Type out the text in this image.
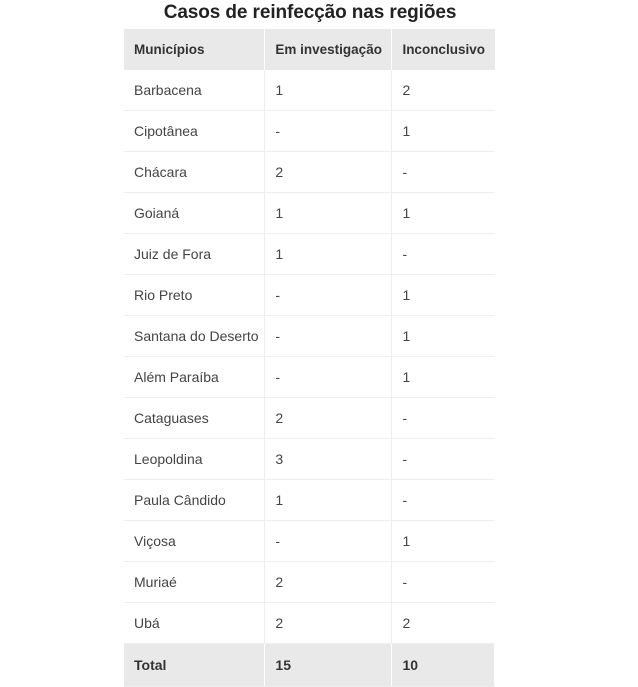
Casos de reinfecção nas regiões
Municípios	Em investigação	Inconclusivo
Barbacena	1	2
Cipotânea	-	1
Chácara	2	-
Goianá	1	1
Juiz de Fora	1	-
Rio Preto	-	1
Santana do Deserto	-	1
Além Paraíba	-	1
Cataguases	2	-
Leopoldina	3	-
Paula Cândido	1	-
Viçosa	-	1
Muriaé	2	-
Ubá	2	2
Total	15	10
